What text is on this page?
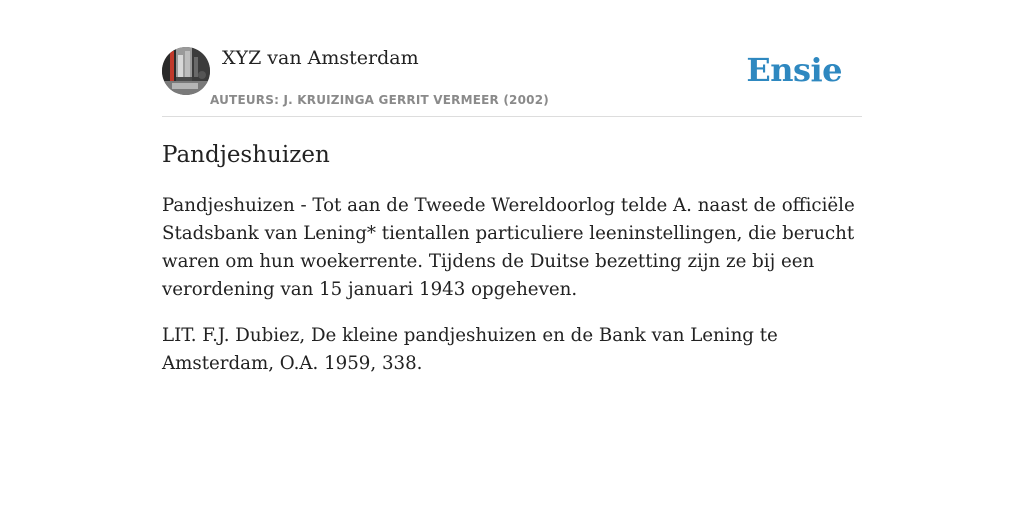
XYZ van Amsterdam
AUTEURS: J. KRUIZINGA GERRIT VERMEER (2002)
Ensie
Pandjeshuizen

Pandjeshuizen - Tot aan de Tweede Wereldoorlog telde A. naast de officiële Stadsbank van Lening* tientallen particuliere leeninstellingen, die berucht waren om hun woekerrente. Tijdens de Duitse bezetting zijn ze bij een verordening van 15 januari 1943 opgeheven.

LIT. F.J. Dubiez, De kleine pandjeshuizen en de Bank van Lening te Amsterdam, O.A. 1959, 338.
